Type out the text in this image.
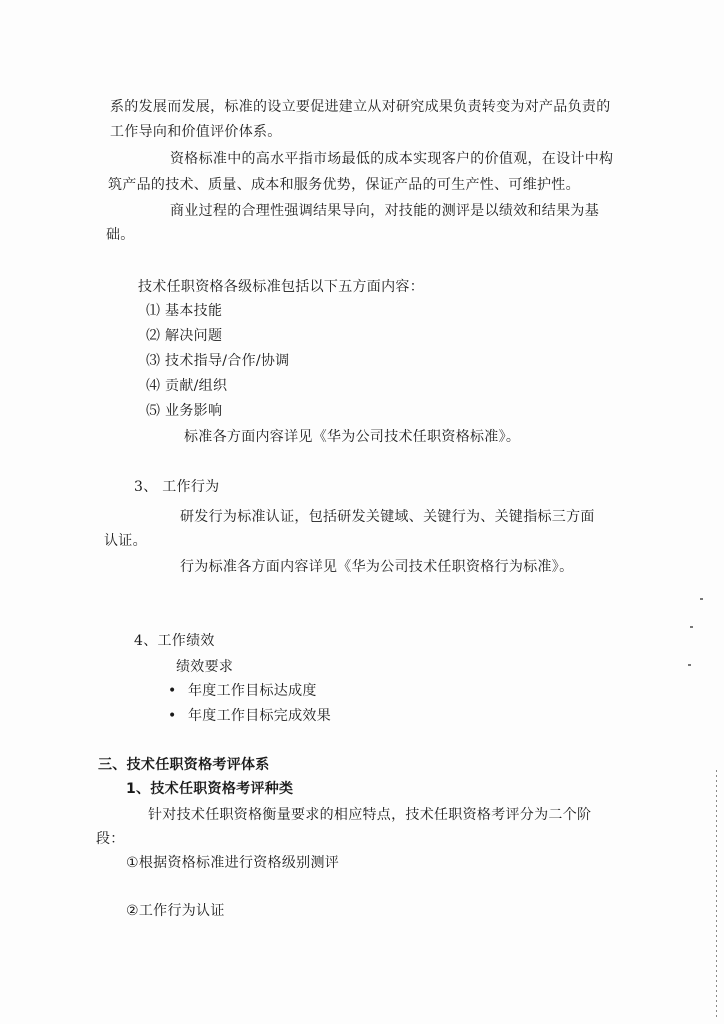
系的发展而发展，标准的设立要促进建立从对研究成果负责转变为对产品负责的
工作导向和价值评价体系。
资格标准中的高水平指市场最低的成本实现客户的价值观，在设计中构
筑产品的技术、质量、成本和服务优势，保证产品的可生产性、可维护性。
商业过程的合理性强调结果导向，对技能的测评是以绩效和结果为基
础。
技术任职资格各级标准包括以下五方面内容：
⑴ 基本技能
⑵ 解决问题
⑶ 技术指导/合作/协调
⑷ 贡献/组织
⑸ 业务影响
标准各方面内容详见《华为公司技术任职资格标准》。
3、 工作行为
研发行为标准认证，包括研发关键域、关键行为、关键指标三方面
认证。
行为标准各方面内容详见《华为公司技术任职资格行为标准》。
4、工作绩效
绩效要求
• 年度工作目标达成度
• 年度工作目标完成效果
三、技术任职资格考评体系
1、技术任职资格考评种类
针对技术任职资格衡量要求的相应特点，技术任职资格考评分为二个阶
段：
①根据资格标准进行资格级别测评
②工作行为认证
